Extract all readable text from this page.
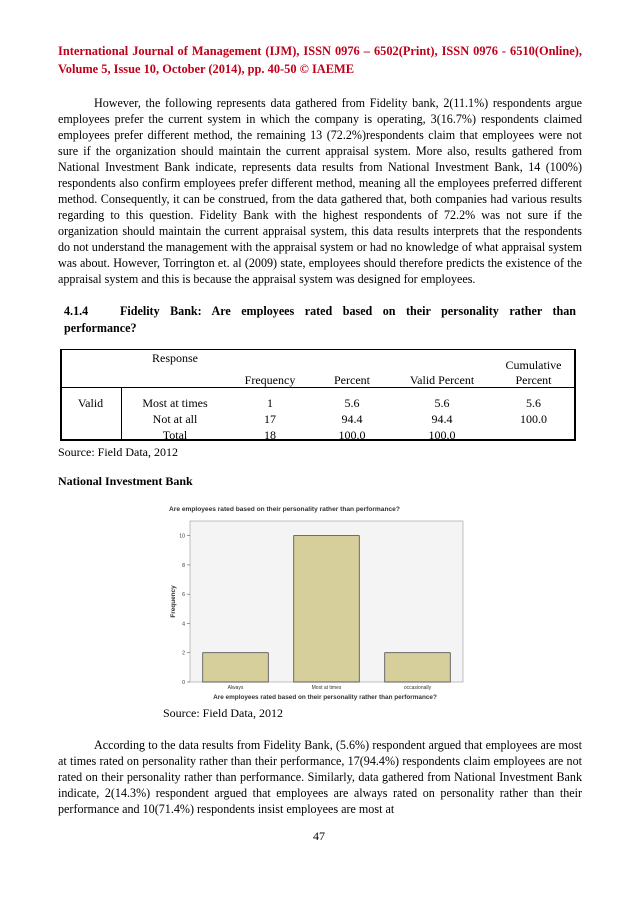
International Journal of Management (IJM), ISSN 0976 – 6502(Print), ISSN 0976 - 6510(Online), Volume 5, Issue 10, October (2014), pp. 40-50 © IAEME
However, the following represents data gathered from Fidelity bank, 2(11.1%) respondents argue employees prefer the current system in which the company is operating, 3(16.7%) respondents claimed employees prefer different method, the remaining 13 (72.2%)respondents claim that employees were not sure if the organization should maintain the current appraisal system. More also, results gathered from National Investment Bank indicate, represents data results from National Investment Bank, 14 (100%) respondents also confirm employees prefer different method, meaning all the employees preferred different method. Consequently, it can be construed, from the data gathered that, both companies had various results regarding to this question. Fidelity Bank with the highest respondents of 72.2% was not sure if the organization should maintain the current appraisal system, this data results interprets that the respondents do not understand the management with the appraisal system or had no knowledge of what appraisal system was about. However, Torrington et. al (2009) state, employees should therefore predicts the existence of the appraisal system and this is because the appraisal system was designed for employees.
4.1.4	Fidelity Bank: Are employees rated based on their personality rather than performance?
	Response	Frequency	Percent	Valid Percent	Cumulative
Percent

Valid	Most at times	1	5.6	5.6	5.6
	Not at all	17	94.4	94.4	100.0
	Total	18	100.0	100.0	
Source: Field Data, 2012
National Investment Bank
Are employees rated based on their personality rather than performance?
0
2
4
6
8
10
Always	Most at times	occasionally
Frequency
Are employees rated based on their personality rather than performance?
Source: Field Data, 2012
According to the data results from Fidelity Bank, (5.6%) respondent argued that employees are most at times rated on personality rather than their performance, 17(94.4%) respondents claim employees are not rated on their personality rather than performance. Similarly, data gathered from National Investment Bank indicate, 2(14.3%) respondent argued that employees are always rated on personality rather than their performance and 10(71.4%) respondents insist employees are most at
47
